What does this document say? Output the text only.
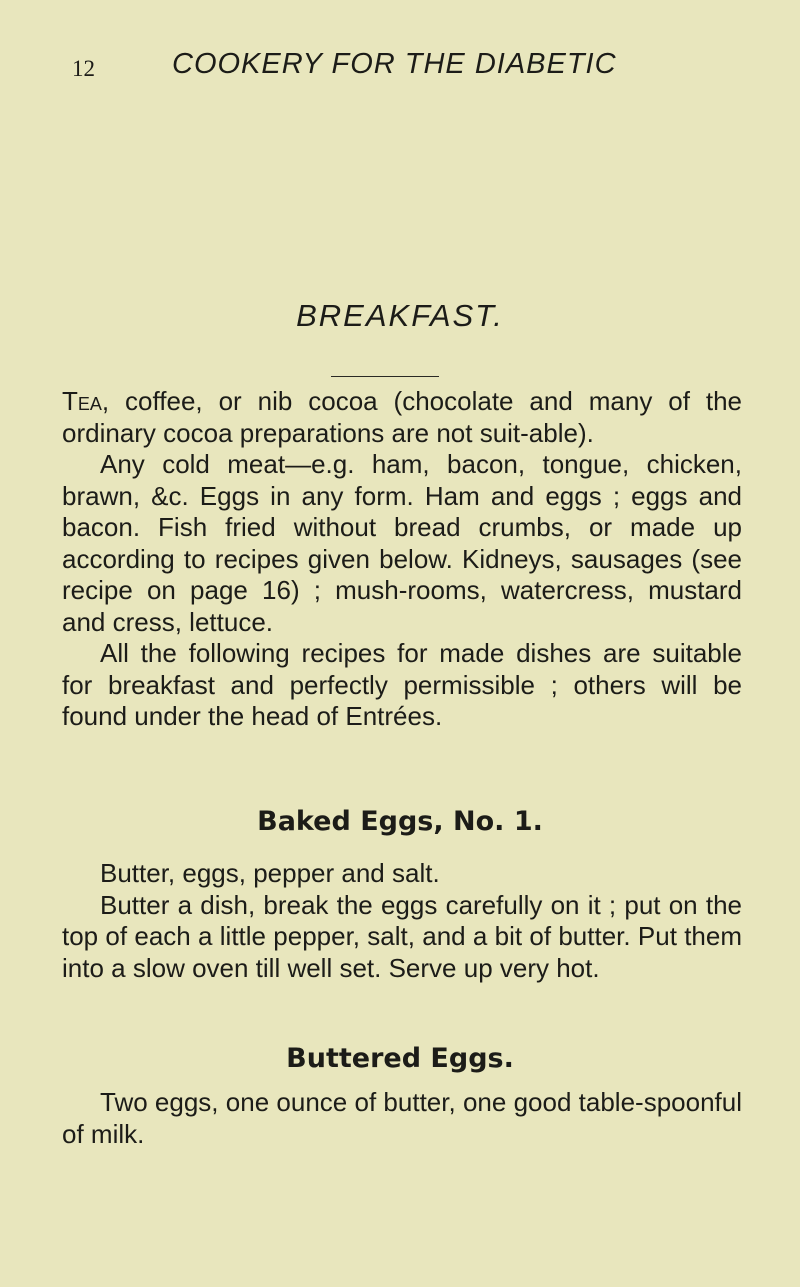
12	COOKERY FOR THE DIABETIC
BREAKFAST.

Tea, coffee, or nib cocoa (chocolate and many of the ordinary cocoa preparations are not suit-able).

Any cold meat—e.g. ham, bacon, tongue, chicken, brawn, &c. Eggs in any form. Ham and eggs ; eggs and bacon. Fish fried without bread crumbs, or made up according to recipes given below. Kidneys, sausages (see recipe on page 16) ; mush-rooms, watercress, mustard and cress, lettuce.

All the following recipes for made dishes are suitable for breakfast and perfectly permissible ; others will be found under the head of Entrées.

Baked Eggs, No. 1.

Butter, eggs, pepper and salt.

Butter a dish, break the eggs carefully on it ; put on the top of each a little pepper, salt, and a bit of butter. Put them into a slow oven till well set. Serve up very hot.

Buttered Eggs.

Two eggs, one ounce of butter, one good table-spoonful of milk.
